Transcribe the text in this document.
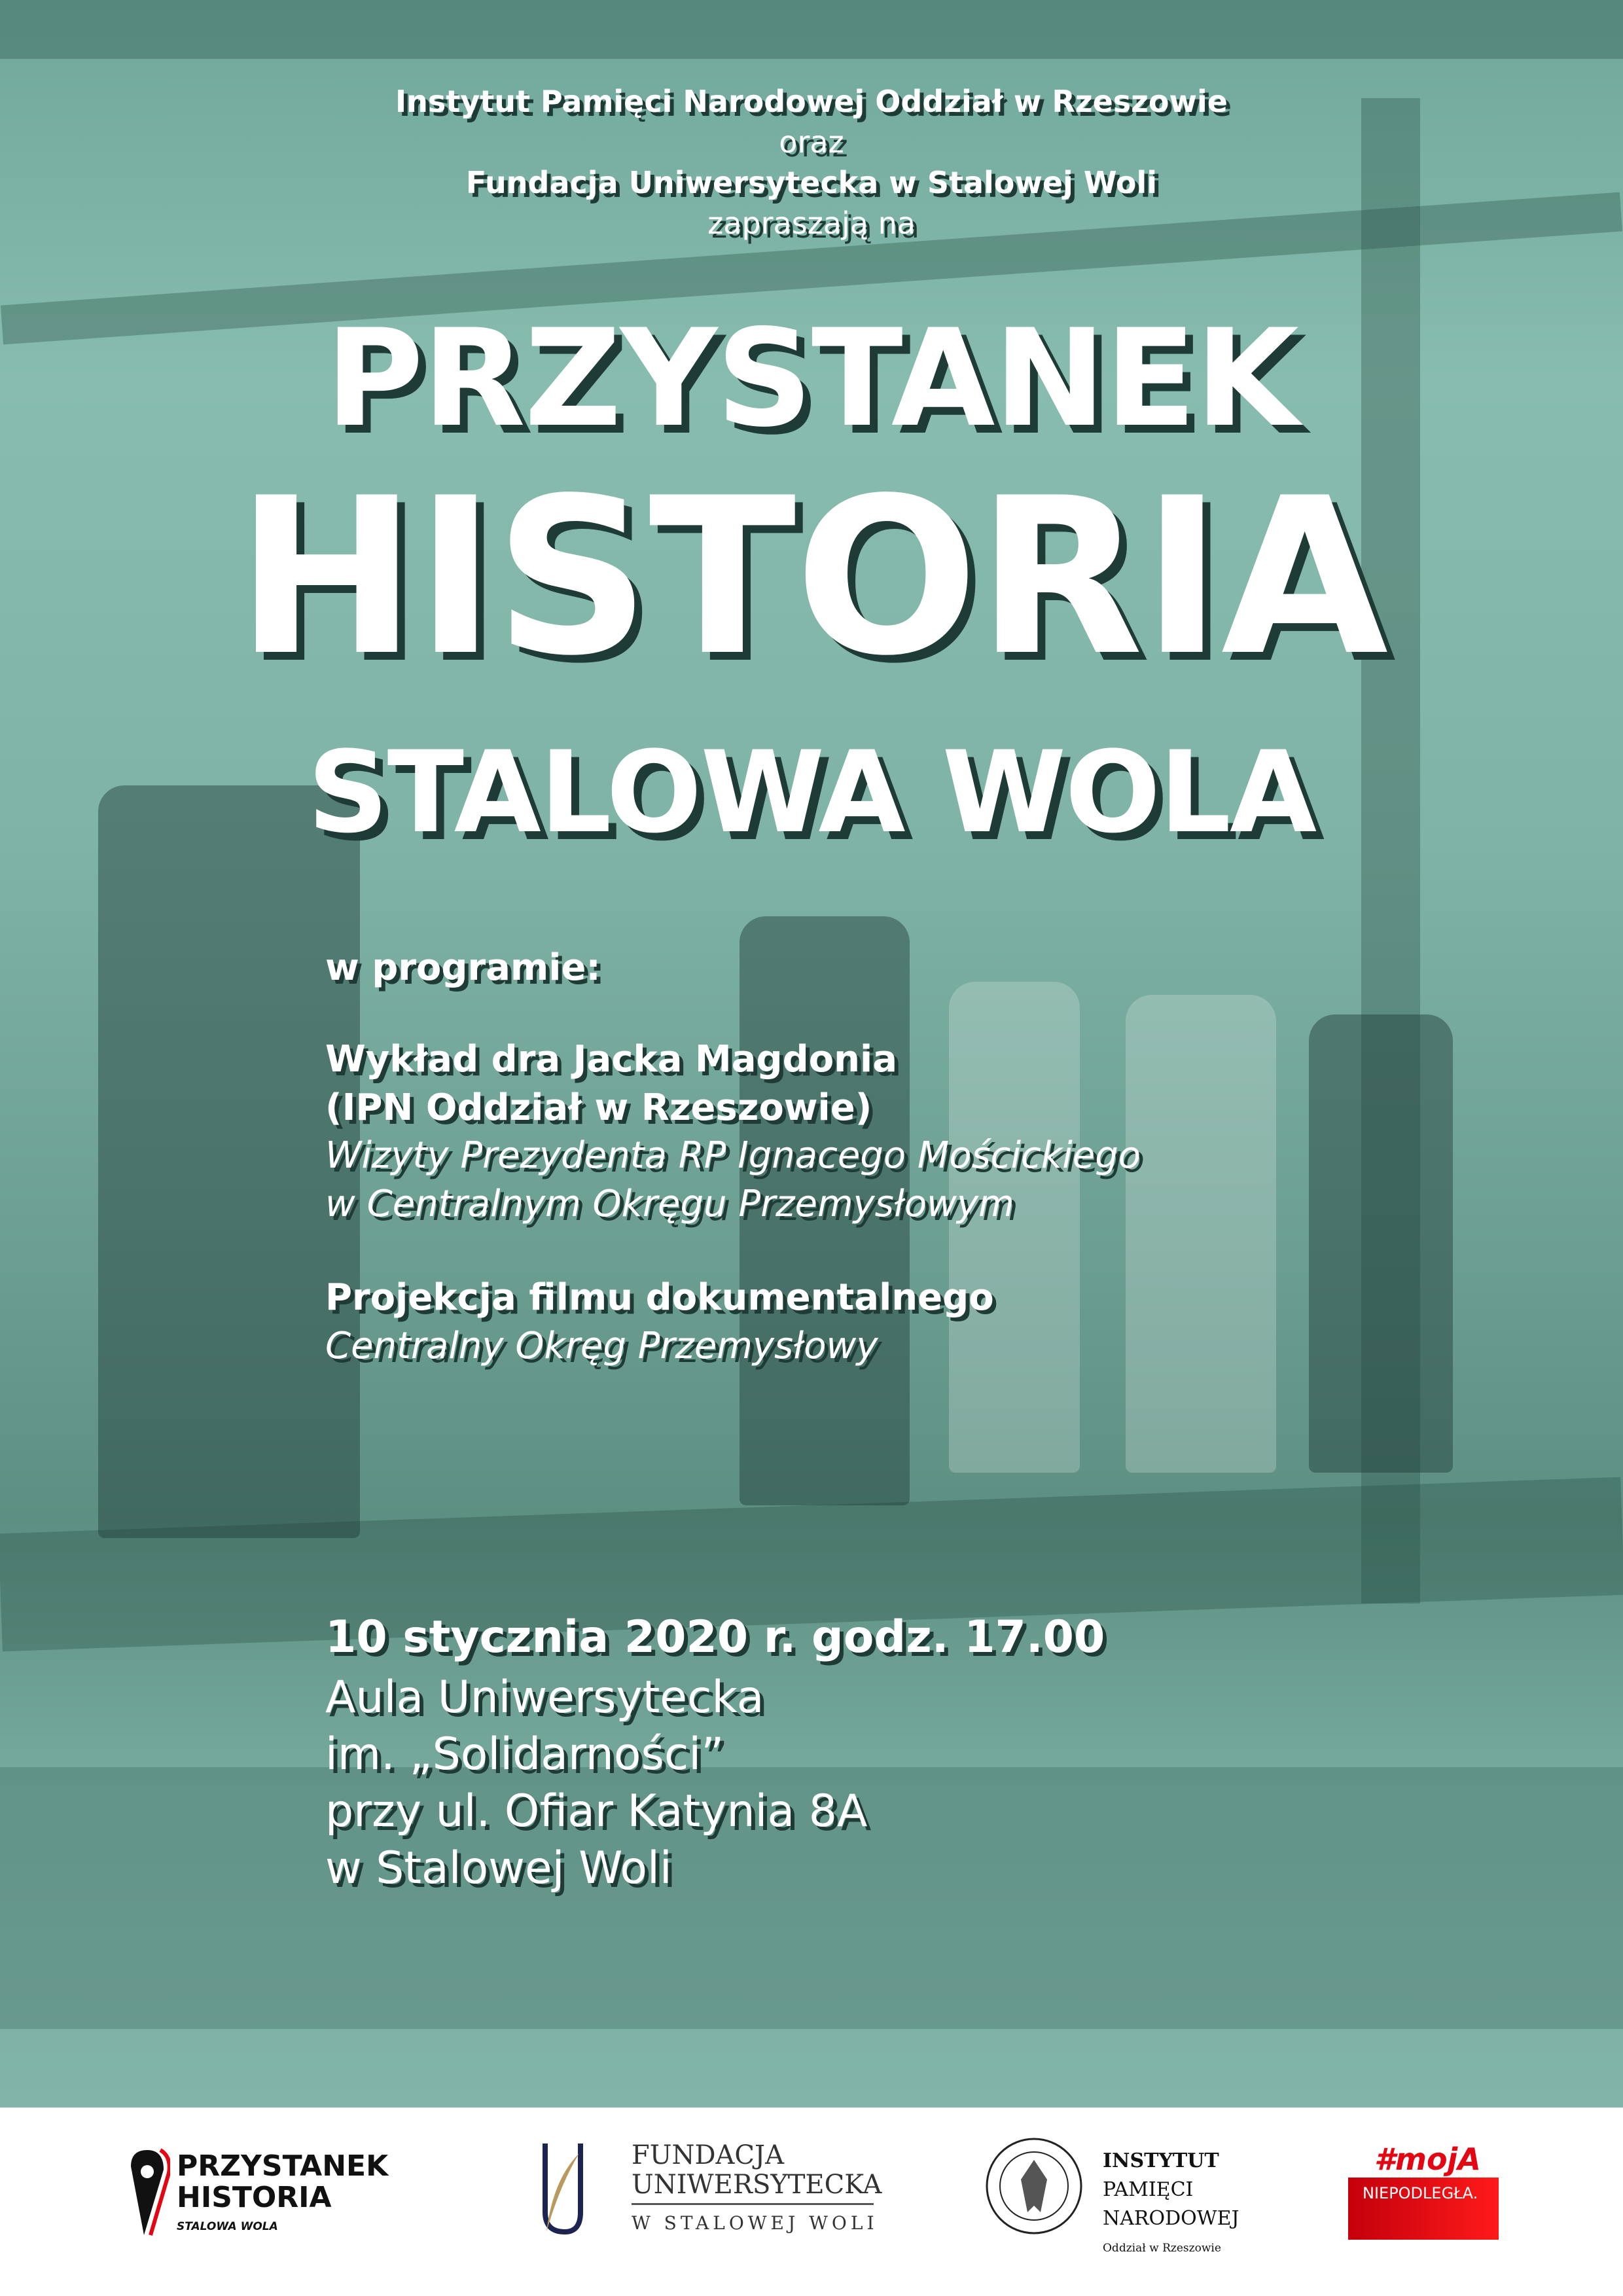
Instytut Pamięci Narodowej Oddział w Rzeszowie
oraz
Fundacja Uniwersytecka w Stalowej Woli
zapraszają na
PRZYSTANEK
HISTORIA
STALOWA WOLA
w programie:
Wykład dra Jacka Magdonia
(IPN Oddział w Rzeszowie)
Wizyty Prezydenta RP Ignacego Mościckiego
w Centralnym Okręgu Przemysłowym
Projekcja filmu dokumentalnego
Centralny Okręg Przemysłowy
10 stycznia 2020 r. godz. 17.00
Aula Uniwersytecka
im. „Solidarności”
przy ul. Ofiar Katynia 8A
w Stalowej Woli
PRZYSTANEK
HISTORIA
STALOWA WOLA
FUNDACJA
UNIWERSYTECKA
W STALOWEJ WOLI
INSTYTUT
PAMIĘCI
NARODOWEJ
Oddział w Rzeszowie
#mojA
NIEPODLEGŁA.
